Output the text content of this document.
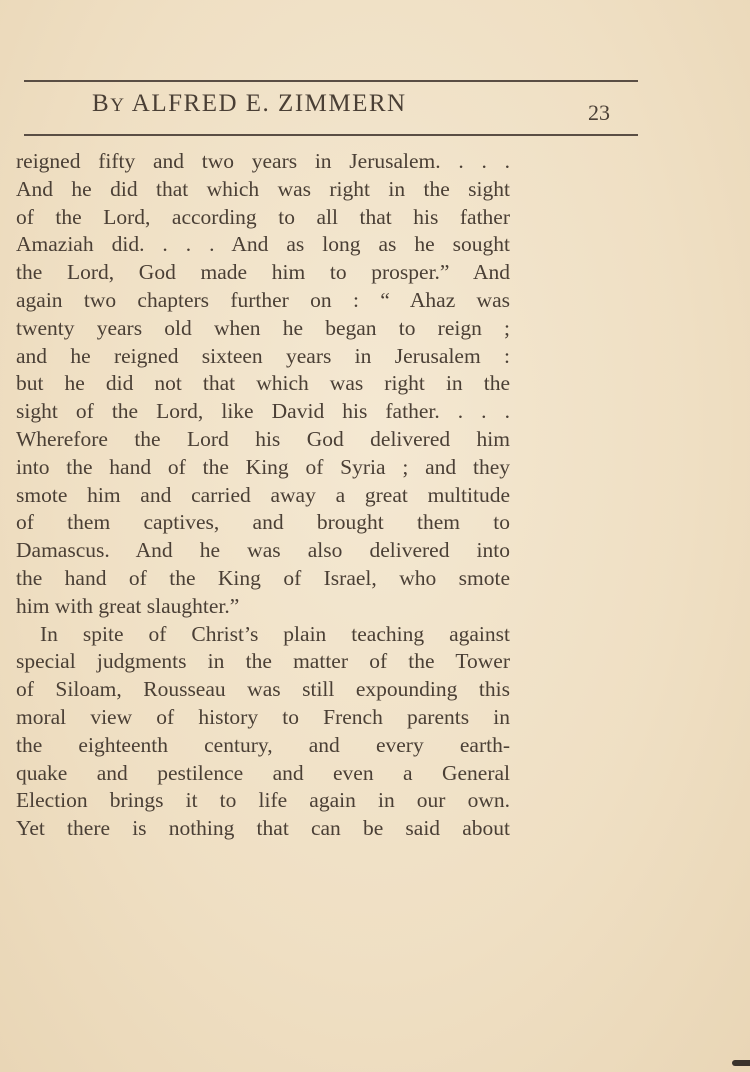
BY ALFRED E. ZIMMERN	23
reigned fifty and two years in Jerusalem. . . .
And he did that which was right in the sight
of the Lord, according to all that his father
Amaziah did. . . . And as long as he sought
the Lord, God made him to prosper.” And
again two chapters further on : “ Ahaz was
twenty years old when he began to reign ;
and he reigned sixteen years in Jerusalem :
but he did not that which was right in the
sight of the Lord, like David his father. . . .
Wherefore the Lord his God delivered him
into the hand of the King of Syria ; and they
smote him and carried away a great multitude
of them captives, and brought them to
Damascus. And he was also delivered into
the hand of the King of Israel, who smote
him with great slaughter.”
In spite of Christ’s plain teaching against
special judgments in the matter of the Tower
of Siloam, Rousseau was still expounding this
moral view of history to French parents in
the eighteenth century, and every earth-
quake and pestilence and even a General
Election brings it to life again in our own.
Yet there is nothing that can be said about
